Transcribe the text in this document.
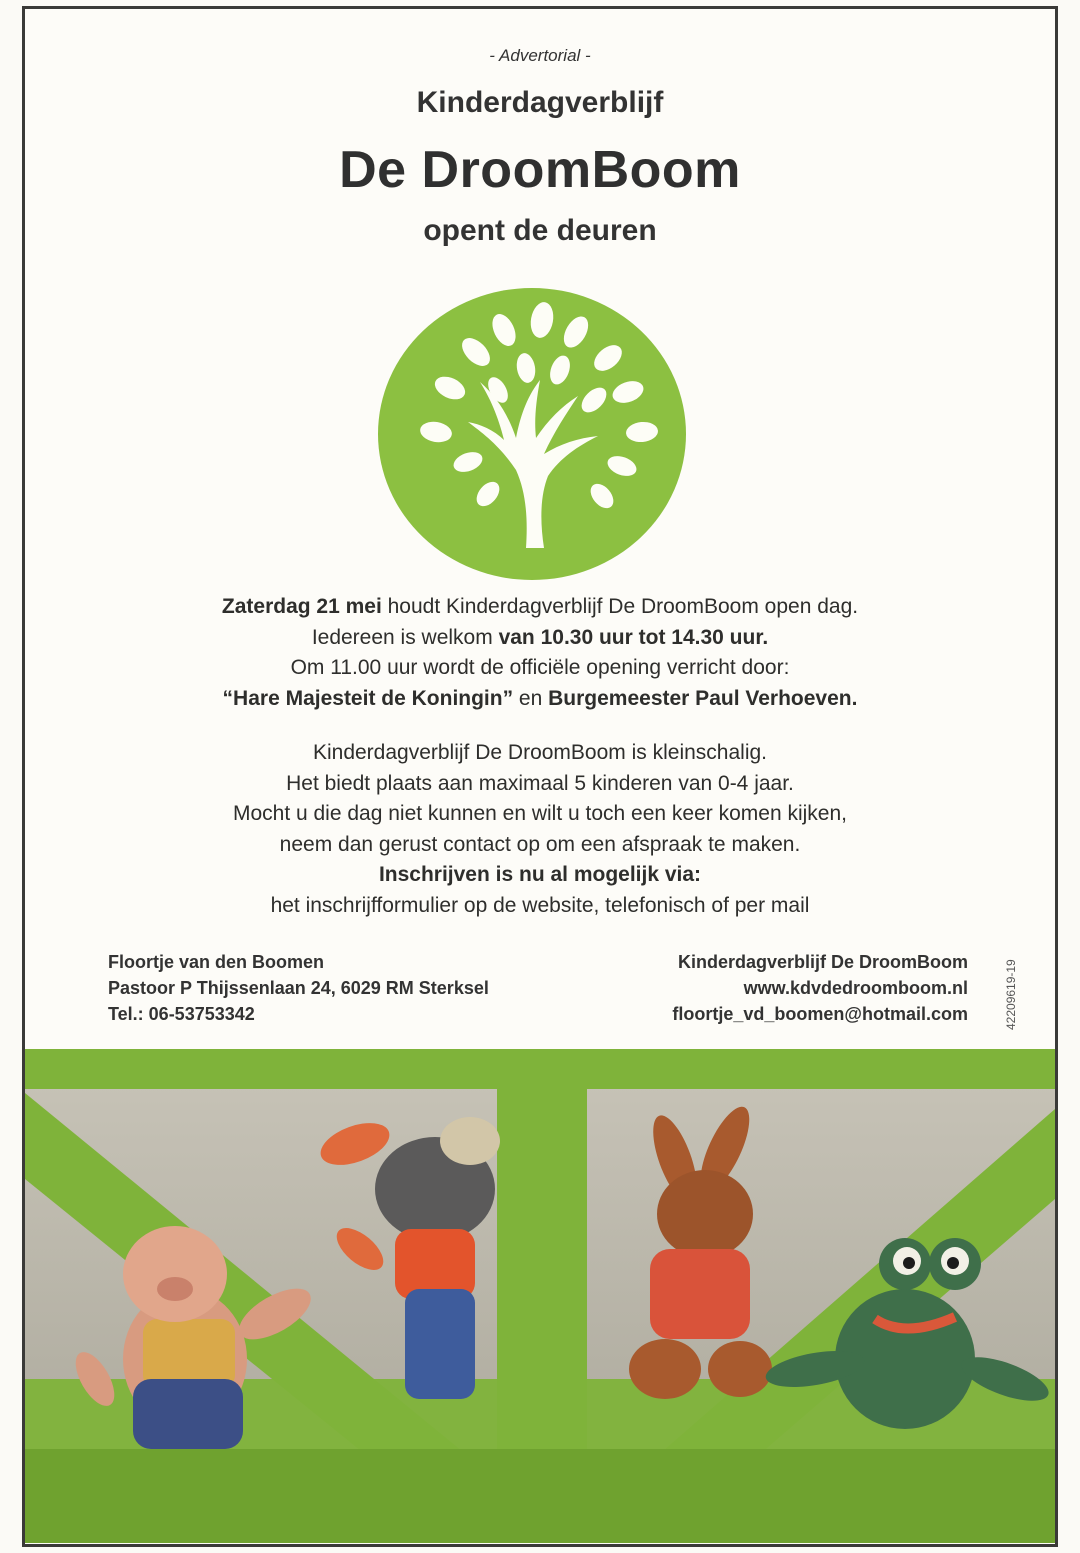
- Advertorial -
Kinderdagverblijf
De DroomBoom
opent de deuren
Zaterdag 21 mei houdt Kinderdagverblijf De DroomBoom open dag.
Iedereen is welkom van 10.30 uur tot 14.30 uur.
Om 11.00 uur wordt de officiële opening verricht door:
“Hare Majesteit de Koningin” en Burgemeester Paul Verhoeven.
Kinderdagverblijf De DroomBoom is kleinschalig.
Het biedt plaats aan maximaal 5 kinderen van 0-4 jaar.
Mocht u die dag niet kunnen en wilt u toch een keer komen kijken,
neem dan gerust contact op om een afspraak te maken.
Inschrijven is nu al mogelijk via:
het inschrijfformulier op de website, telefonisch of per mail
Floortje van den Boomen
Pastoor P Thijssenlaan 24, 6029 RM Sterksel
Tel.: 06-53753342
Kinderdagverblijf De DroomBoom
www.kdvdedroomboom.nl
floortje_vd_boomen@hotmail.com	42209619-19
